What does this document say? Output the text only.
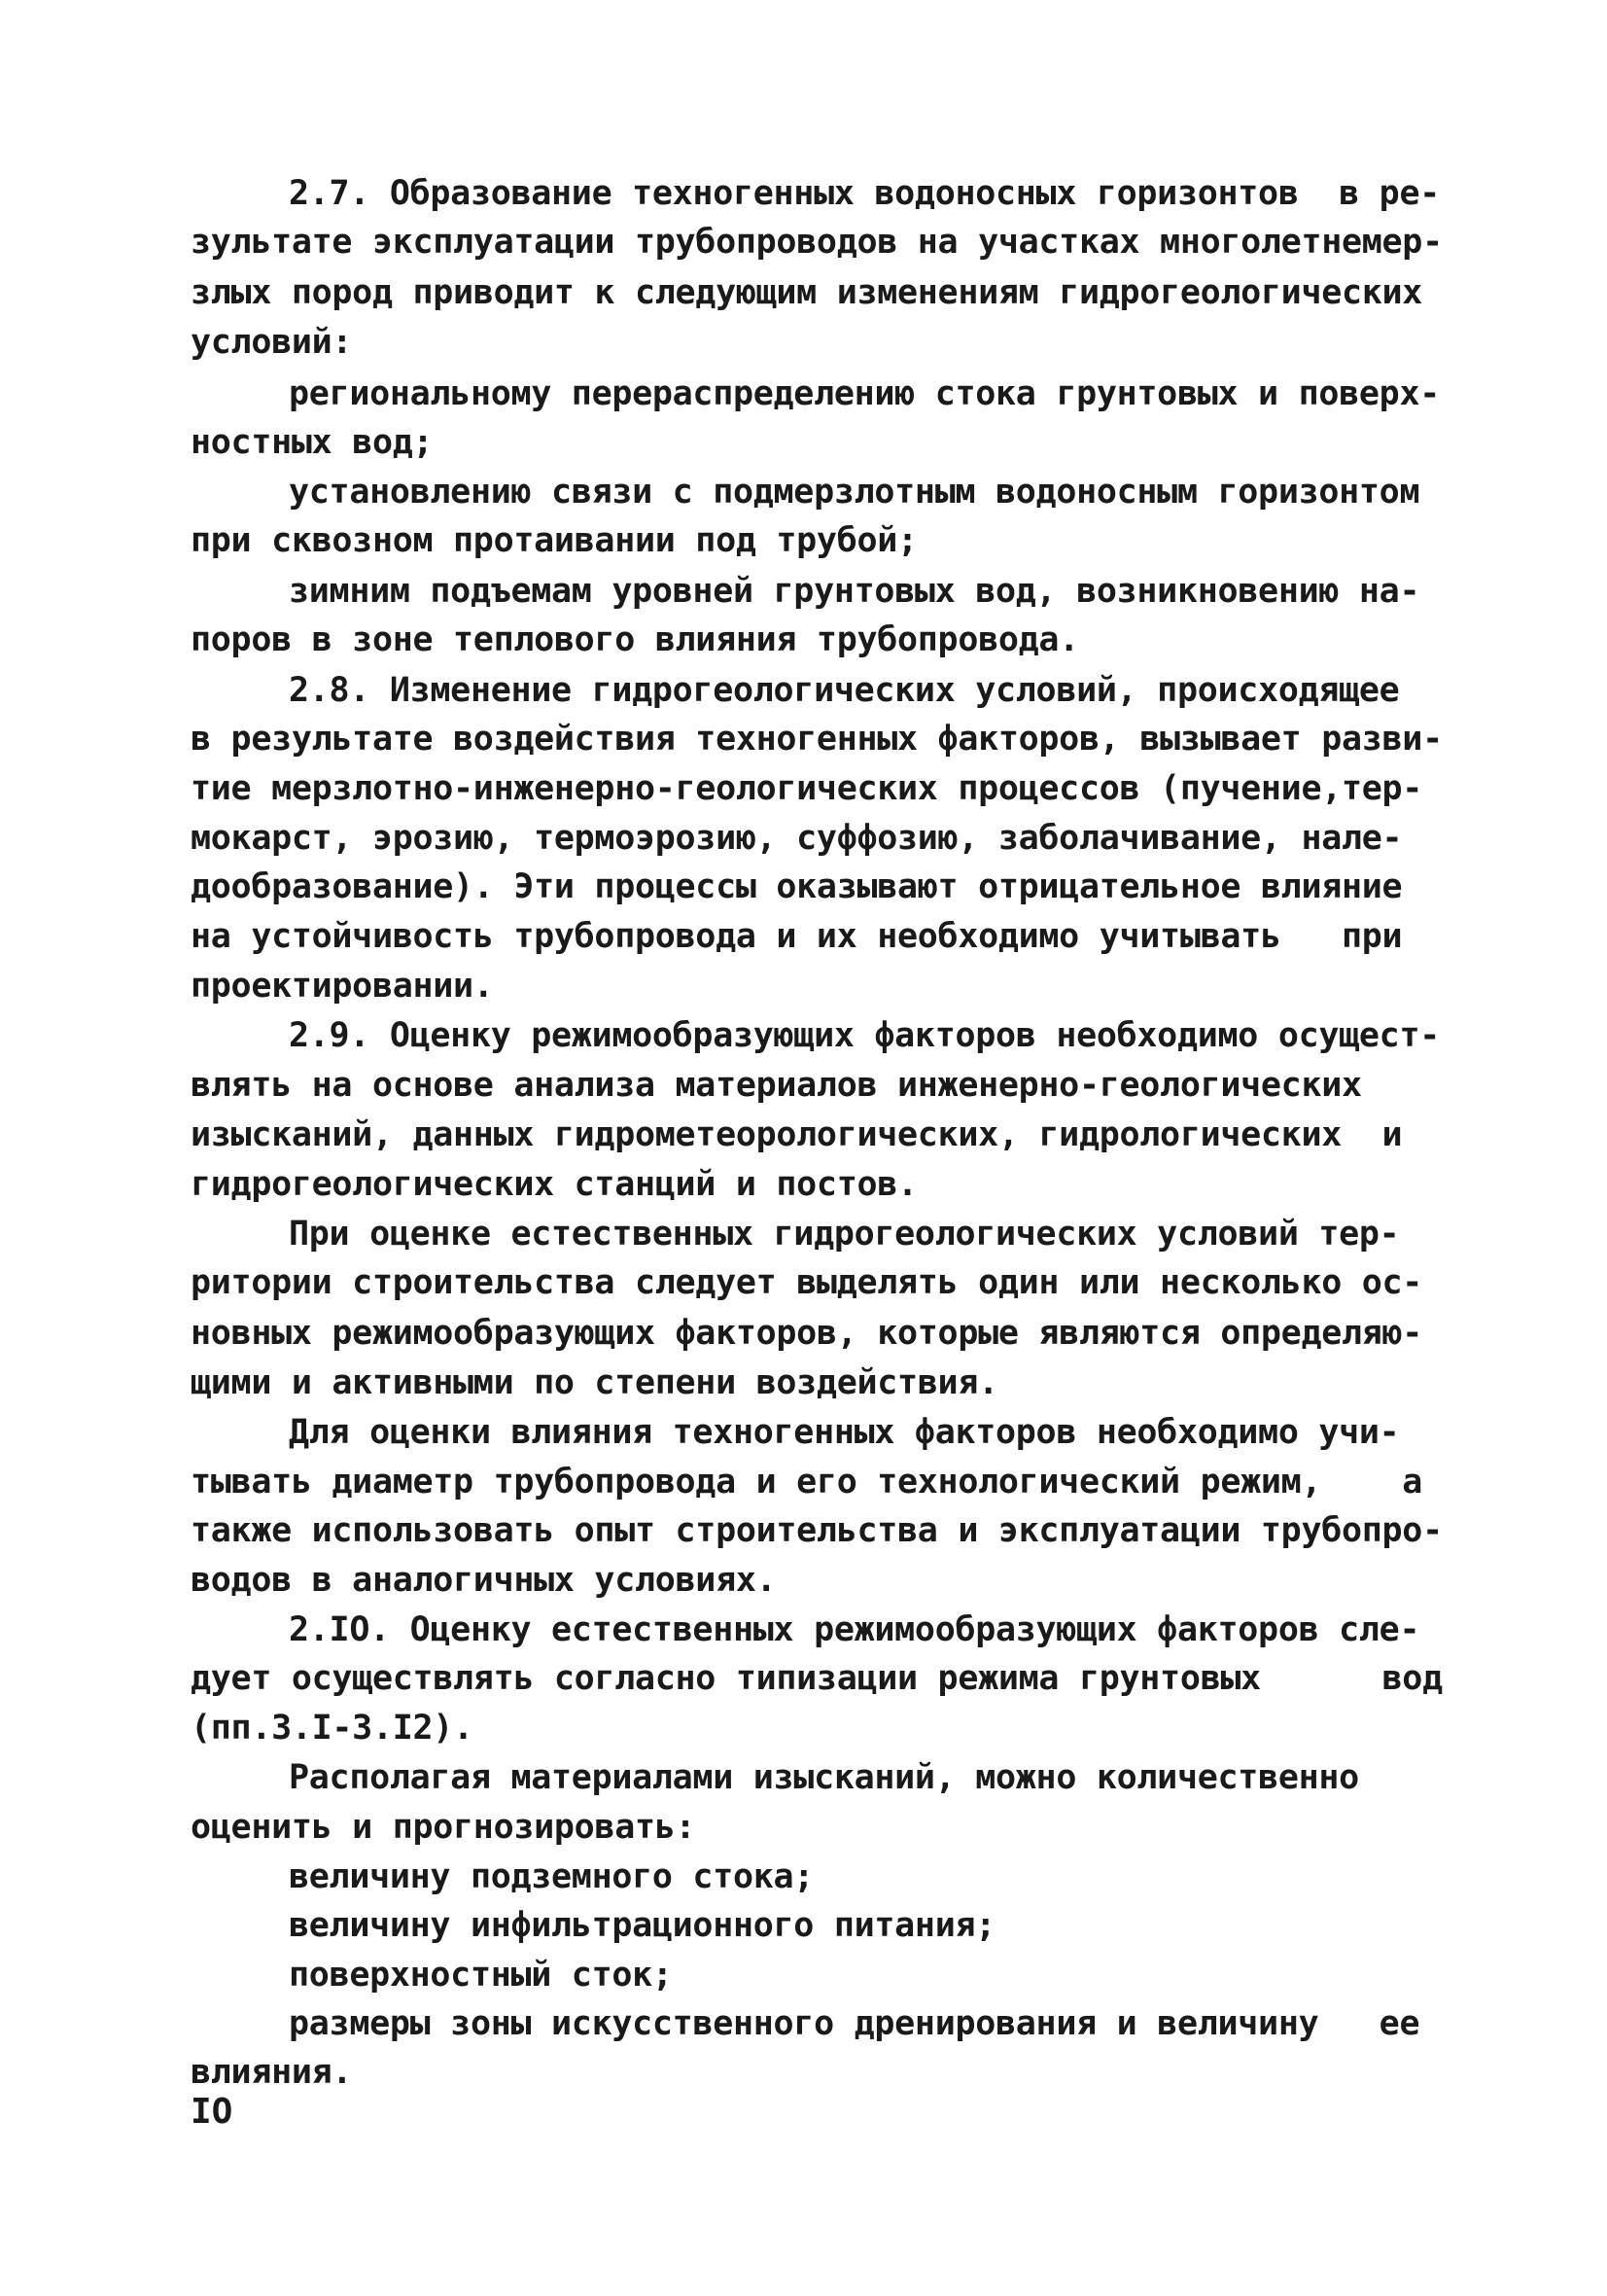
2.7. Образование техногенных водоносных горизонтов  в ре-

зультате эксплуатации трубопроводов на участках многолетнемер-

злых пород приводит к следующим изменениям гидрогеологических

условий:

региональному перераспределению стока грунтовых и поверх-

ностных вод;

установлению связи с подмерзлотным водоносным горизонтом

при сквозном протаивании под трубой;

зимним подъемам уровней грунтовых вод, возникновению на-

поров в зоне теплового влияния трубопровода.

2.8. Изменение гидрогеологических условий, происходящее

в результате воздействия техногенных факторов, вызывает разви-

тие мерзлотно-инженерно-геологических процессов (пучение,тер-

мокарст, эрозию, термоэрозию, суффозию, заболачивание, нале-

дообразование). Эти процессы оказывают отрицательное влияние

на устойчивость трубопровода и их необходимо учитывать   при

проектировании.

2.9. Оценку режимообразующих факторов необходимо осущест-

влять на основе анализа материалов инженерно-геологических

изысканий, данных гидрометеорологических, гидрологических  и

гидрогеологических станций и постов.

При оценке естественных гидрогеологических условий тер-

ритории строительства следует выделять один или несколько ос-

новных режимообразующих факторов, которые являются определяю-

щими и активными по степени воздействия.

Для оценки влияния техногенных факторов необходимо учи-

тывать диаметр трубопровода и его технологический режим,    а

также использовать опыт строительства и эксплуатации трубопро-

водов в аналогичных условиях.

2.IO. Оценку естественных режимообразующих факторов сле-

дует осуществлять согласно типизации режима грунтовых      вод

(пп.3.I-3.I2).

Располагая материалами изысканий, можно количественно

оценить и прогнозировать:

величину подземного стока;

величину инфильтрационного питания;

поверхностный сток;

размеры зоны искусственного дренирования и величину   ее

влияния.

IO
